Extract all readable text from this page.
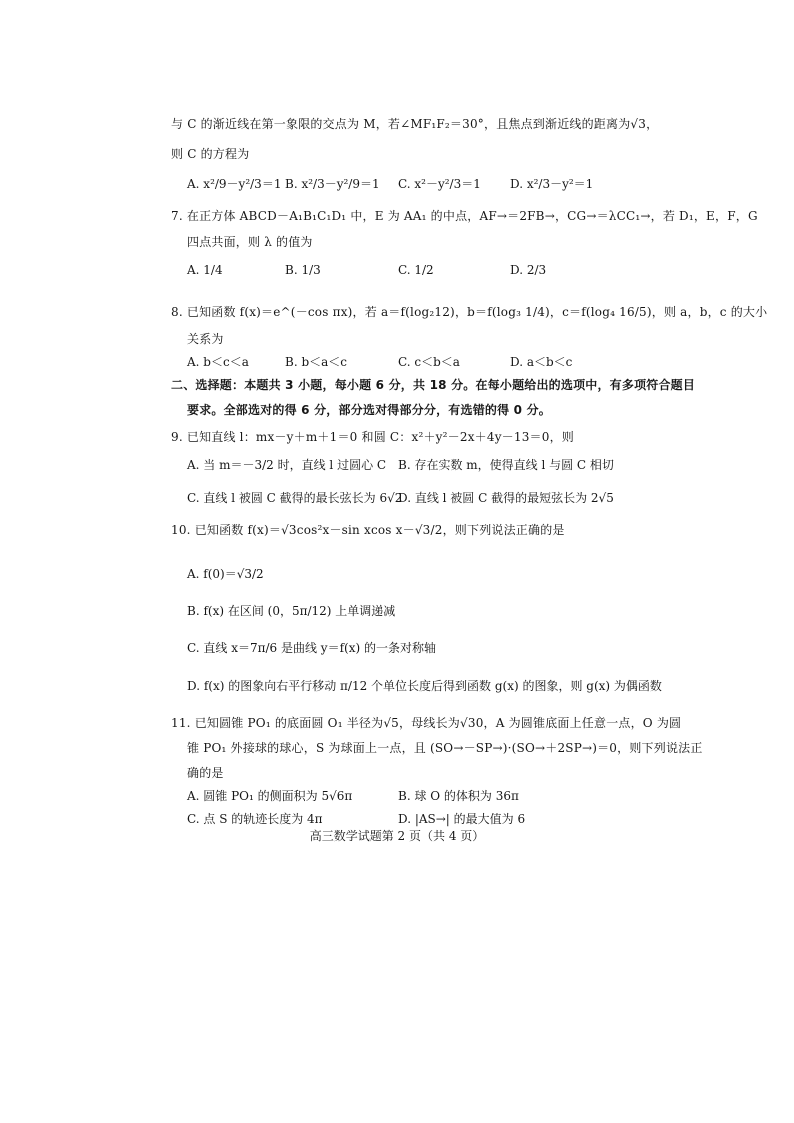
与 C 的渐近线在第一象限的交点为 M，若∠MF₁F₂＝30°，且焦点到渐近线的距离为√3，
则 C 的方程为
A. x²/9－y²/3＝1 B. x²/3－y²/9＝1 C. x²－y²/3＝1 D. x²/3－y²＝1
7. 在正方体 ABCD－A₁B₁C₁D₁ 中，E 为 AA₁ 的中点，AF→＝2FB→，CG→＝λCC₁→，若 D₁，E，F，G
四点共面，则 λ 的值为
A. 1/4	B. 1/3	C. 1/2	D. 2/3
8. 已知函数 f(x)＝e^(－cos πx)，若 a＝f(log₂12)，b＝f(log₃ 1/4)，c＝f(log₄ 16/5)，则 a，b，c 的大小
关系为
A. b＜c＜a	B. b＜a＜c	C. c＜b＜a	D. a＜b＜c
二、选择题：本题共 3 小题，每小题 6 分，共 18 分。在每小题给出的选项中，有多项符合题目
要求。全部选对的得 6 分，部分选对得部分分，有选错的得 0 分。
9. 已知直线 l：mx－y＋m＋1＝0 和圆 C：x²＋y²－2x＋4y－13＝0，则
A. 当 m＝－3/2 时，直线 l 过圆心 C B. 存在实数 m，使得直线 l 与圆 C 相切
C. 直线 l 被圆 C 截得的最长弦长为 6√2
D. 直线 l 被圆 C 截得的最短弦长为 2√5
10. 已知函数 f(x)＝√3cos²x－sin xcos x－√3/2，则下列说法正确的是
A. f(0)＝√3/2
B. f(x) 在区间 (0，5π/12) 上单调递减
C. 直线 x＝7π/6 是曲线 y＝f(x) 的一条对称轴
D. f(x) 的图象向右平行移动 π/12 个单位长度后得到函数 g(x) 的图象，则 g(x) 为偶函数
11. 已知圆锥 PO₁ 的底面圆 O₁ 半径为√5，母线长为√30，A 为圆锥底面上任意一点，O 为圆
锥 PO₁ 外接球的球心，S 为球面上一点，且 (SO→－SP→)·(SO→＋2SP→)＝0，则下列说法正
确的是
A. 圆锥 PO₁ 的侧面积为 5√6π	B. 球 O 的体积为 36π
C. 点 S 的轨迹长度为 4π	D. |AS→| 的最大值为 6
高三数学试题第 2 页（共 4 页）
